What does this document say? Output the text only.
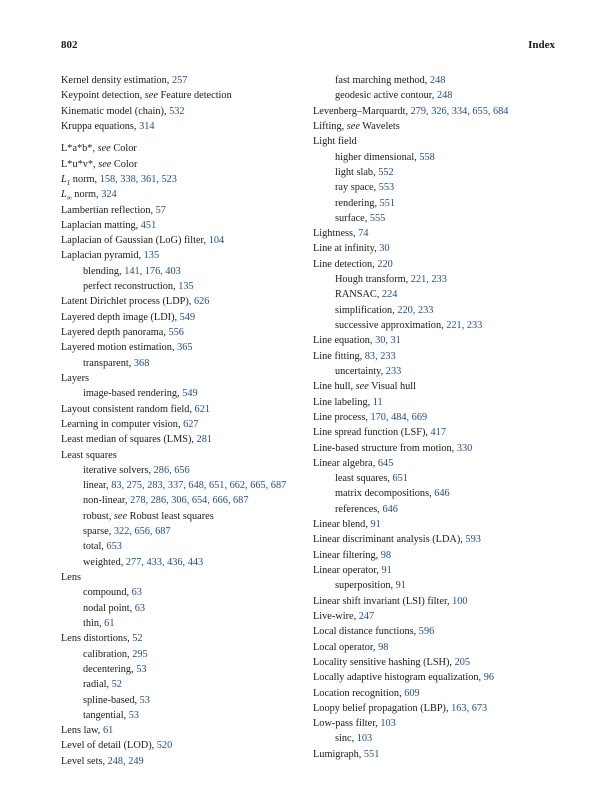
802	Index
Kernel density estimation, 257
Keypoint detection, see Feature detection
Kinematic model (chain), 532
Kruppa equations, 314
L*a*b*, see Color
L*u*v*, see Color
$L_1$ norm, 158, 338, 361, 523
$L_\infty$ norm, 324
Lambertian reflection, 57
Laplacian matting, 451
Laplacian of Gaussian (LoG) filter, 104
Laplacian pyramid, 135
blending, 141, 176, 403
perfect reconstruction, 135
Latent Dirichlet process (LDP), 626
Layered depth image (LDI), 549
Layered depth panorama, 556
Layered motion estimation, 365
transparent, 368
Layers
image-based rendering, 549
Layout consistent random field, 621
Learning in computer vision, 627
Least median of squares (LMS), 281
Least squares
iterative solvers, 286, 656
linear, 83, 275, 283, 337, 648, 651, 662, 665, 687
non-linear, 278, 286, 306, 654, 666, 687
robust, see Robust least squares
sparse, 322, 656, 687
total, 653
weighted, 277, 433, 436, 443
Lens
compound, 63
nodal point, 63
thin, 61
Lens distortions, 52
calibration, 295
decentering, 53
radial, 52
spline-based, 53
tangential, 53
Lens law, 61
Level of detail (LOD), 520
Level sets, 248, 249
fast marching method, 248
geodesic active contour, 248
Levenberg–Marquardt, 279, 326, 334, 655, 684
Lifting, see Wavelets
Light field
higher dimensional, 558
light slab, 552
ray space, 553
rendering, 551
surface, 555
Lightness, 74
Line at infinity, 30
Line detection, 220
Hough transform, 221, 233
RANSAC, 224
simplification, 220, 233
successive approximation, 221, 233
Line equation, 30, 31
Line fitting, 83, 233
uncertainty, 233
Line hull, see Visual hull
Line labeling, 11
Line process, 170, 484, 669
Line spread function (LSF), 417
Line-based structure from motion, 330
Linear algebra, 645
least squares, 651
matrix decompositions, 646
references, 646
Linear blend, 91
Linear discriminant analysis (LDA), 593
Linear filtering, 98
Linear operator, 91
superposition, 91
Linear shift invariant (LSI) filter, 100
Live-wire, 247
Local distance functions, 596
Local operator, 98
Locality sensitive hashing (LSH), 205
Locally adaptive histogram equalization, 96
Location recognition, 609
Loopy belief propagation (LBP), 163, 673
Low-pass filter, 103
sinc, 103
Lumigraph, 551
